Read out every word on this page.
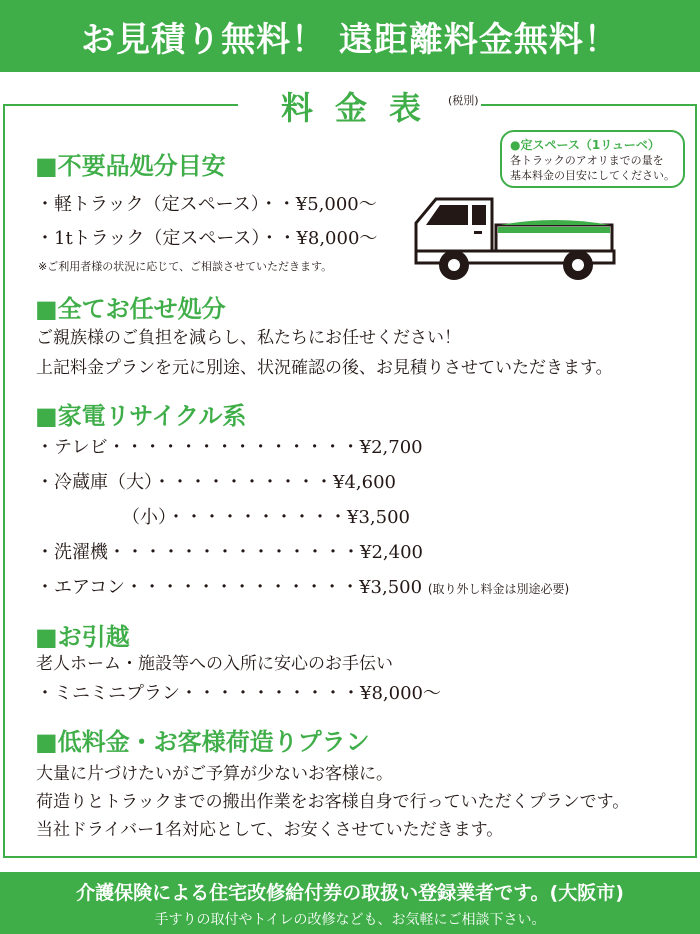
お見積り無料！ 遠距離料金無料！
料金表 (税別)
●定スペース（1リューベ）
各トラックのアオリまでの量を
基本料金の目安にしてください。
■不要品処分目安
・軽トラック（定スペース）・・¥5,000〜
・1tトラック（定スペース）・・¥8,000〜
※ご利用者様の状況に応じて、ご相談させていただきます。
■全てお任せ処分
ご親族様のご負担を減らし、私たちにお任せください！
上記料金プランを元に別途、状況確認の後、お見積りさせていただきます。
■家電リサイクル系
・テレビ・・・・・・・・・・・・・・¥2,700
・冷蔵庫（大）・・・・・・・・・・¥4,600
（小）・・・・・・・・・・¥3,500
・洗濯機・・・・・・・・・・・・・・¥2,400
・エアコン・・・・・・・・・・・・・¥3,500 (取り外し料金は別途必要)
■お引越
老人ホーム・施設等への入所に安心のお手伝い
・ミニミニプラン・・・・・・・・・・¥8,000〜
■低料金・お客様荷造りプラン
大量に片づけたいがご予算が少ないお客様に。
荷造りとトラックまでの搬出作業をお客様自身で行っていただくプランです。
当社ドライバー1名対応として、お安くさせていただきます。
介護保険による住宅改修給付券の取扱い登録業者です。(大阪市)
手すりの取付やトイレの改修なども、お気軽にご相談下さい。
